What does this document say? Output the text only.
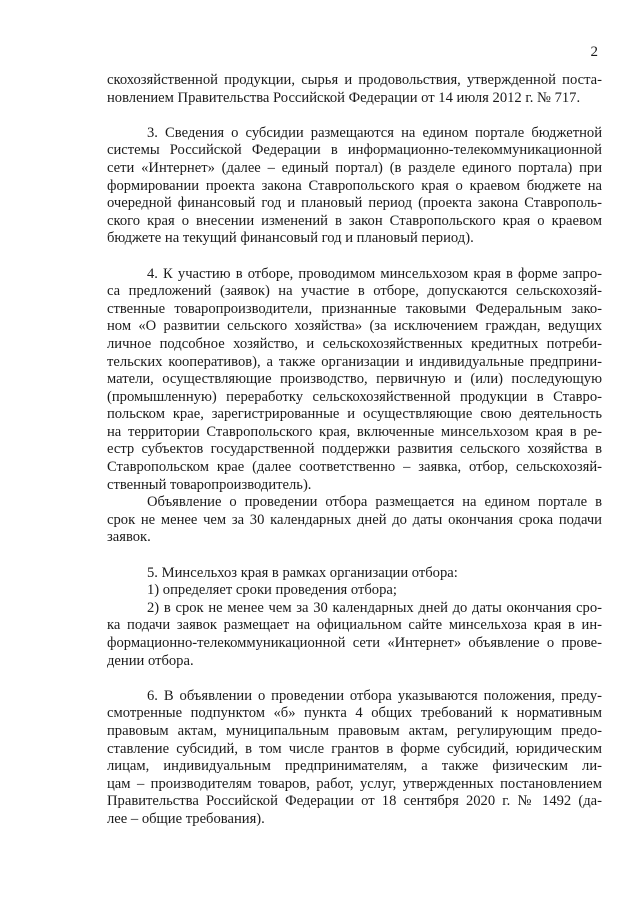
2
скохозяйственной продукции, сырья и продовольствия, утвержденной поста-
новлением Правительства Российской Федерации от 14 июля 2012 г. № 717.
3. Сведения о субсидии размещаются на едином портале бюджетной
системы Российской Федерации в информационно-телекоммуникационной
сети «Интернет» (далее – единый портал) (в разделе единого портала) при
формировании проекта закона Ставропольского края о краевом бюджете на
очередной финансовый год и плановый период (проекта закона Ставрополь-
ского края о внесении изменений в закон Ставропольского края о краевом
бюджете на текущий финансовый год и плановый период).
4. К участию в отборе, проводимом минсельхозом края в форме запро-
са предложений (заявок) на участие в отборе, допускаются сельскохозяй-
ственные товаропроизводители, признанные таковыми Федеральным зако-
ном «О развитии сельского хозяйства» (за исключением граждан, ведущих
личное подсобное хозяйство, и сельскохозяйственных кредитных потреби-
тельских кооперативов), а также организации и индивидуальные предприни-
матели, осуществляющие производство, первичную и (или) последующую
(промышленную) переработку сельскохозяйственной продукции в Ставро-
польском крае, зарегистрированные и осуществляющие свою деятельность
на территории Ставропольского края, включенные минсельхозом края в ре-
естр субъектов государственной поддержки развития сельского хозяйства в
Ставропольском крае (далее соответственно – заявка, отбор, сельскохозяй-
ственный товаропроизводитель).
Объявление о проведении отбора размещается на едином портале в
срок не менее чем за 30 календарных дней до даты окончания срока подачи
заявок.
5. Минсельхоз края в рамках организации отбора:
1) определяет сроки проведения отбора;
2) в срок не менее чем за 30 календарных дней до даты окончания сро-
ка подачи заявок размещает на официальном сайте минсельхоза края в ин-
формационно-телекоммуникационной сети «Интернет» объявление о прове-
дении отбора.
6. В объявлении о проведении отбора указываются положения, преду-
смотренные подпунктом «б» пункта 4 общих требований к нормативным
правовым актам, муниципальным правовым актам, регулирующим предо-
ставление субсидий, в том числе грантов в форме субсидий, юридическим
лицам, индивидуальным предпринимателям, а также физическим ли-
цам – производителям товаров, работ, услуг, утвержденных постановлением
Правительства Российской Федерации от 18 сентября 2020 г. № 1492 (да-
лее – общие требования).
